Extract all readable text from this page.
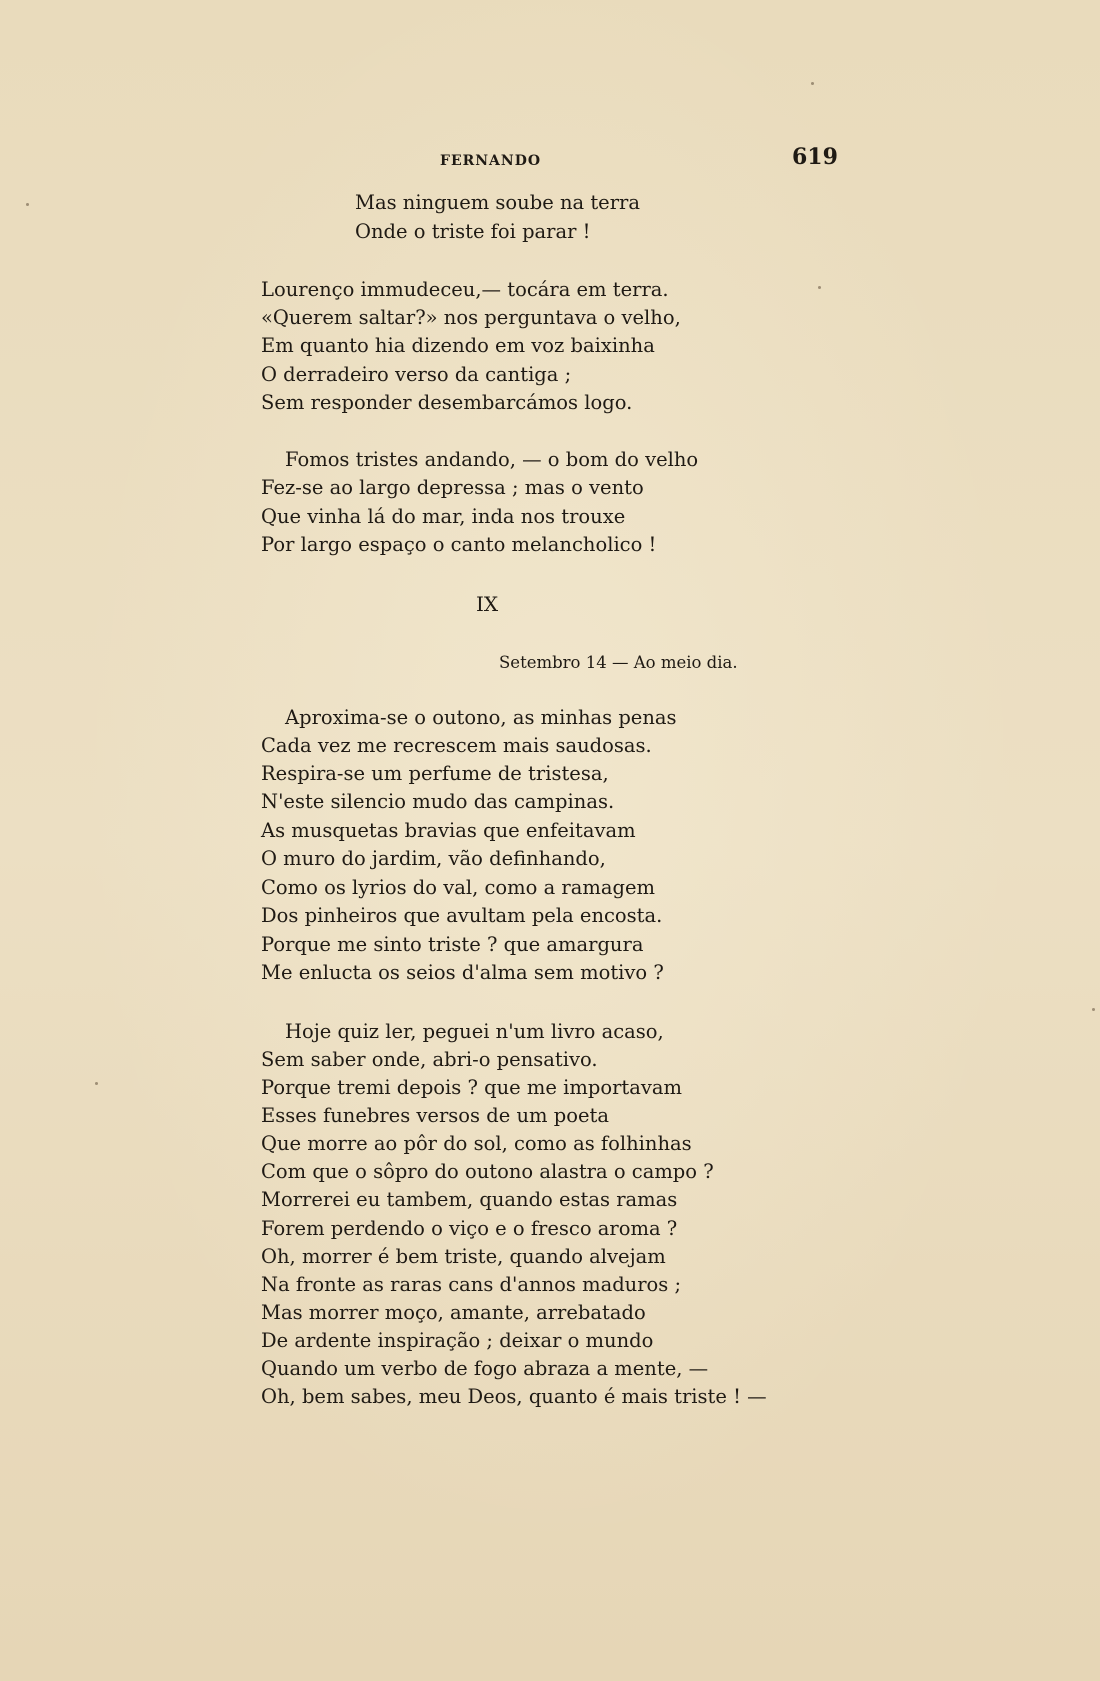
FERNANDO	619
Mas ninguem soube na terra
Onde o triste foi parar !
Lourenço immudeceu,— tocára em terra.
«Querem saltar?» nos perguntava o velho,
Em quanto hia dizendo em voz baixinha
O derradeiro verso da cantiga ;
Sem responder desembarcámos logo.
Fomos tristes andando, — o bom do velho
Fez-se ao largo depressa ; mas o vento
Que vinha lá do mar, inda nos trouxe
Por largo espaço o canto melancholico !
IX
Setembro 14 — Ao meio dia.
Aproxima-se o outono, as minhas penas
Cada vez me recrescem mais saudosas.
Respira-se um perfume de tristesa,
N'este silencio mudo das campinas.
As musquetas bravias que enfeitavam
O muro do jardim, vão definhando,
Como os lyrios do val, como a ramagem
Dos pinheiros que avultam pela encosta.
Porque me sinto triste ? que amargura
Me enlucta os seios d'alma sem motivo ?
Hoje quiz ler, peguei n'um livro acaso,
Sem saber onde, abri-o pensativo.
Porque tremi depois ? que me importavam
Esses funebres versos de um poeta
Que morre ao pôr do sol, como as folhinhas
Com que o sôpro do outono alastra o campo ?
Morrerei eu tambem, quando estas ramas
Forem perdendo o viço e o fresco aroma ?
Oh, morrer é bem triste, quando alvejam
Na fronte as raras cans d'annos maduros ;
Mas morrer moço, amante, arrebatado
De ardente inspiração ; deixar o mundo
Quando um verbo de fogo abraza a mente, —
Oh, bem sabes, meu Deos, quanto é mais triste ! —
